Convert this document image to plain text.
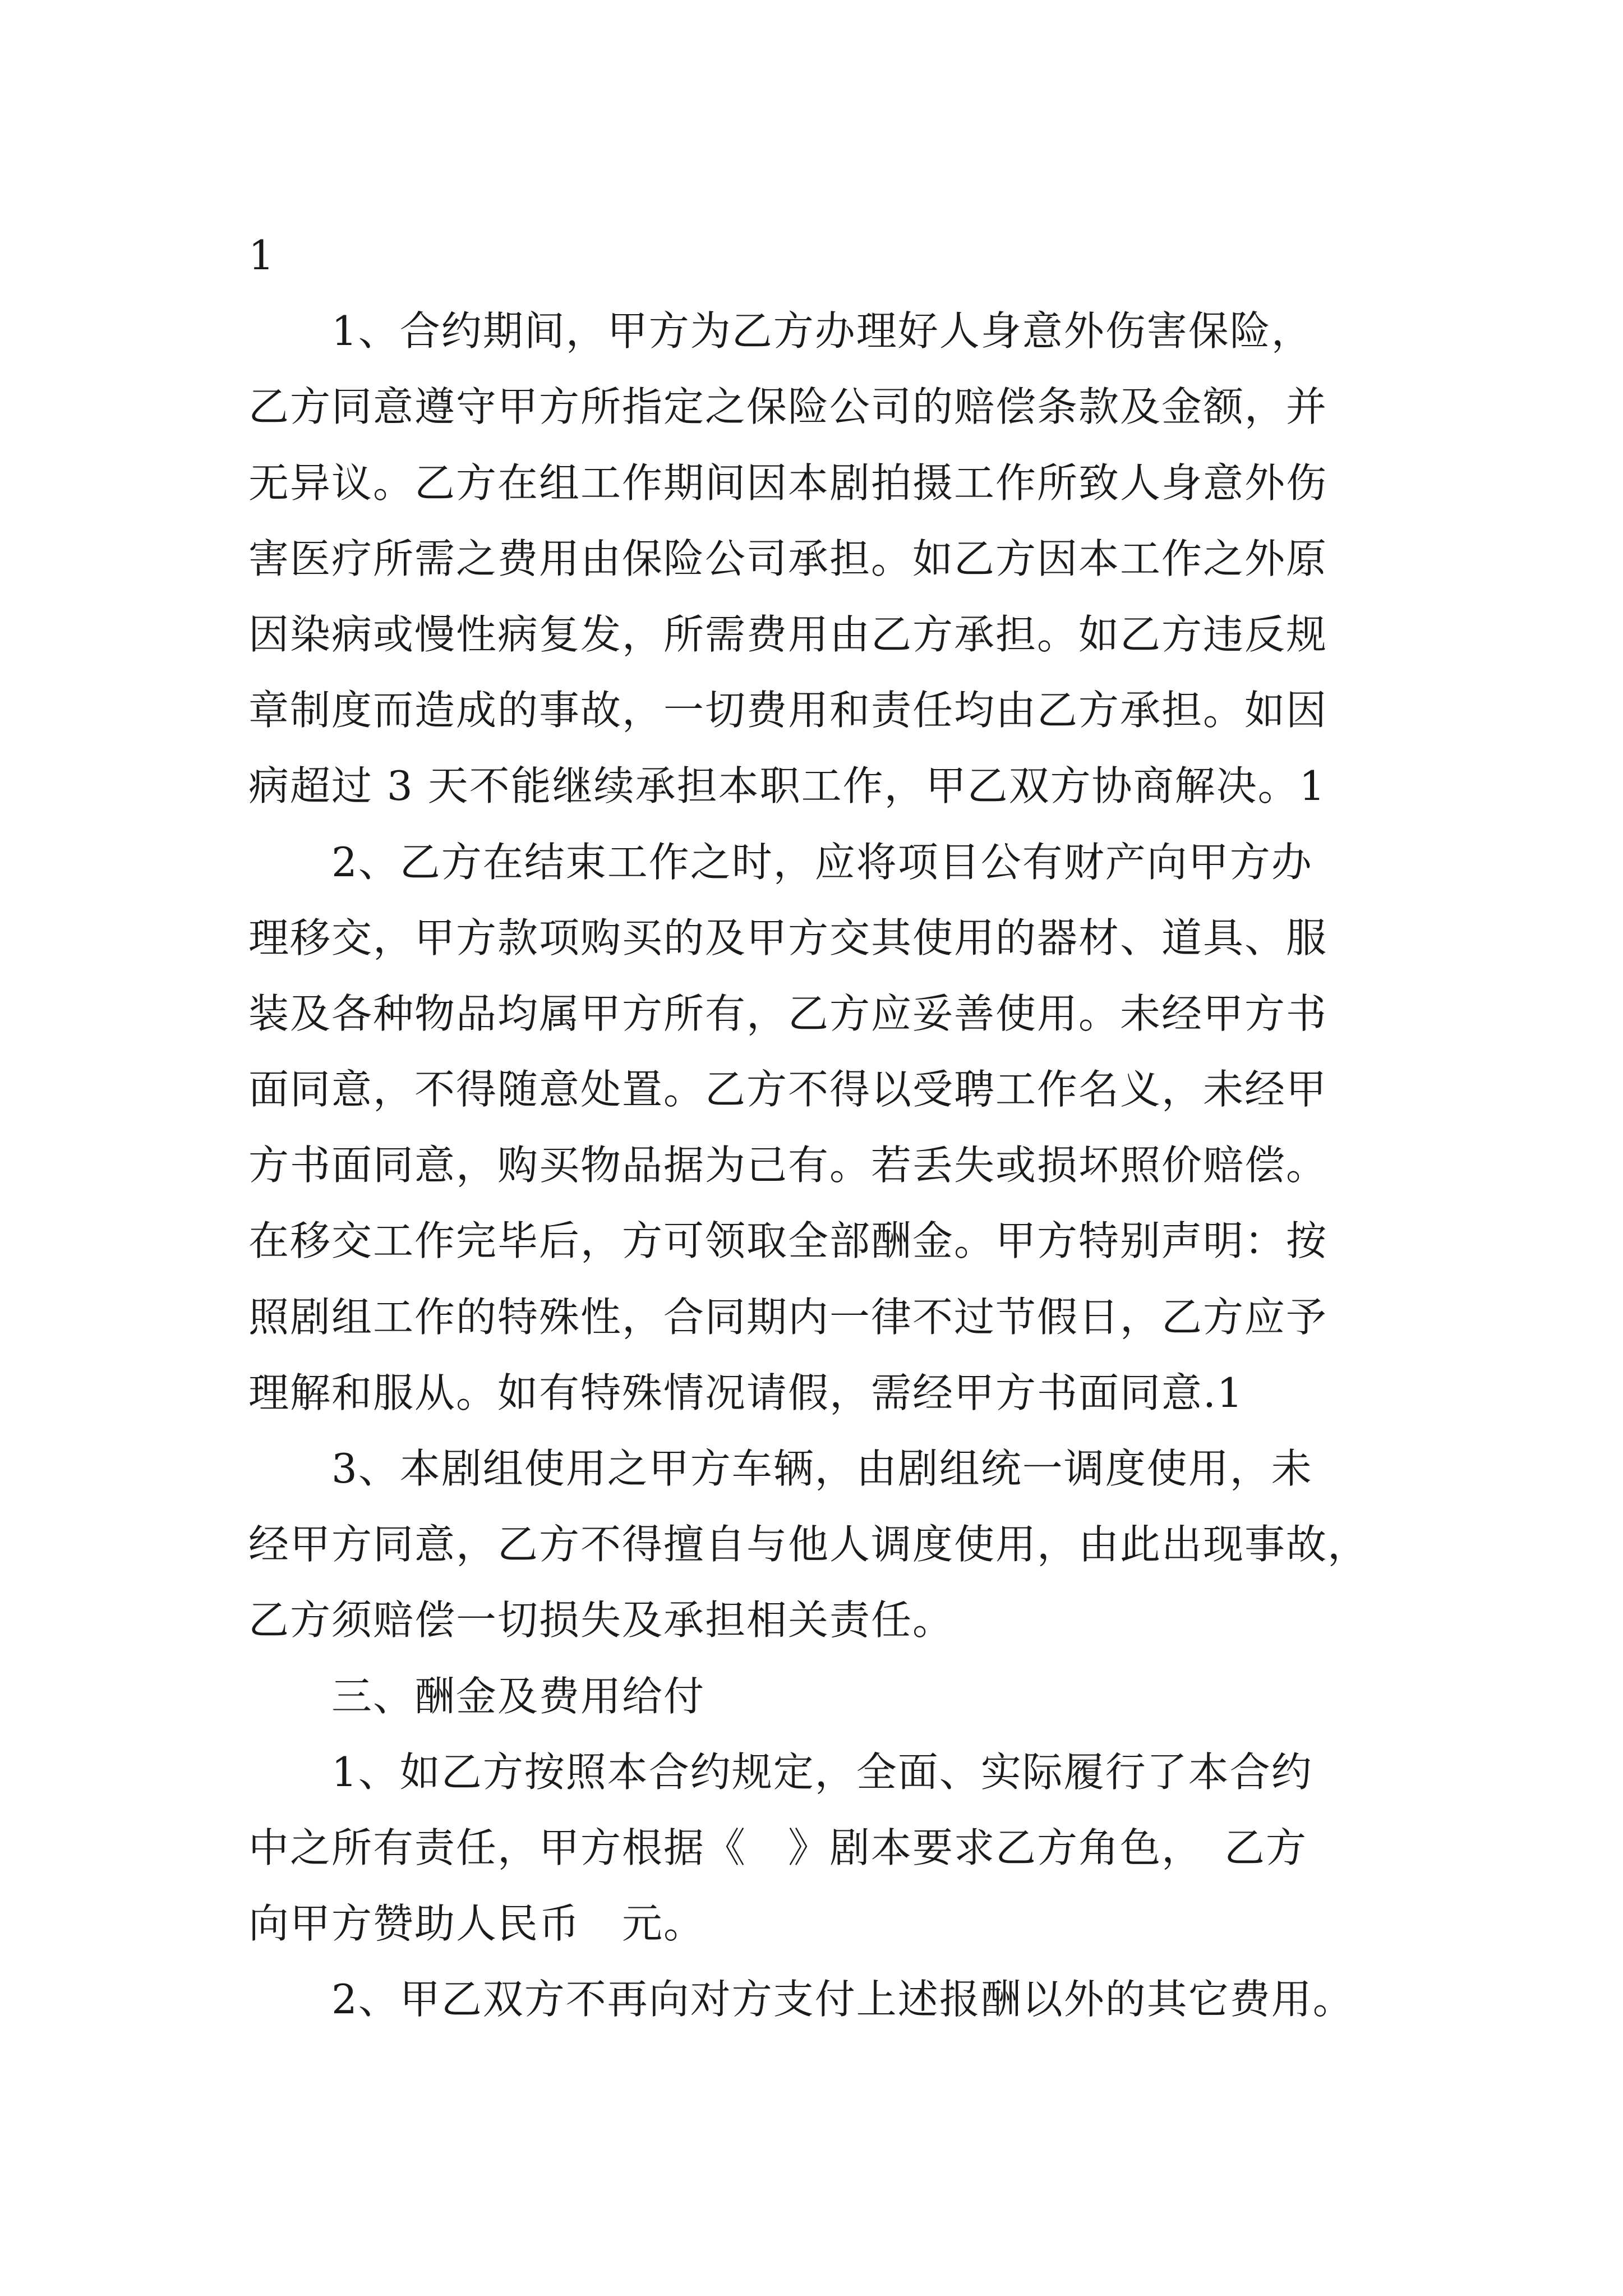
1
1、合约期间，甲方为乙方办理好人身意外伤害保险，
乙方同意遵守甲方所指定之保险公司的赔偿条款及金额，并
无异议。乙方在组工作期间因本剧拍摄工作所致人身意外伤
害医疗所需之费用由保险公司承担。如乙方因本工作之外原
因染病或慢性病复发，所需费用由乙方承担。如乙方违反规
章制度而造成的事故，一切费用和责任均由乙方承担。如因
病超过 3 天不能继续承担本职工作，甲乙双方协商解决。1
2、乙方在结束工作之时，应将项目公有财产向甲方办
理移交，甲方款项购买的及甲方交其使用的器材、道具、服
装及各种物品均属甲方所有，乙方应妥善使用。未经甲方书
面同意，不得随意处置。乙方不得以受聘工作名义，未经甲
方书面同意，购买物品据为己有。若丢失或损坏照价赔偿。
在移交工作完毕后，方可领取全部酬金。甲方特别声明：按
照剧组工作的特殊性，合同期内一律不过节假日，乙方应予
理解和服从。如有特殊情况请假，需经甲方书面同意.1
3、本剧组使用之甲方车辆，由剧组统一调度使用，未
经甲方同意，乙方不得擅自与他人调度使用，由此出现事故，
乙方须赔偿一切损失及承担相关责任。
三、酬金及费用给付
1、如乙方按照本合约规定，全面、实际履行了本合约
中之所有责任，甲方根据《　》剧本要求乙方角色，　乙方
向甲方赞助人民币　元。
2、甲乙双方不再向对方支付上述报酬以外的其它费用。
